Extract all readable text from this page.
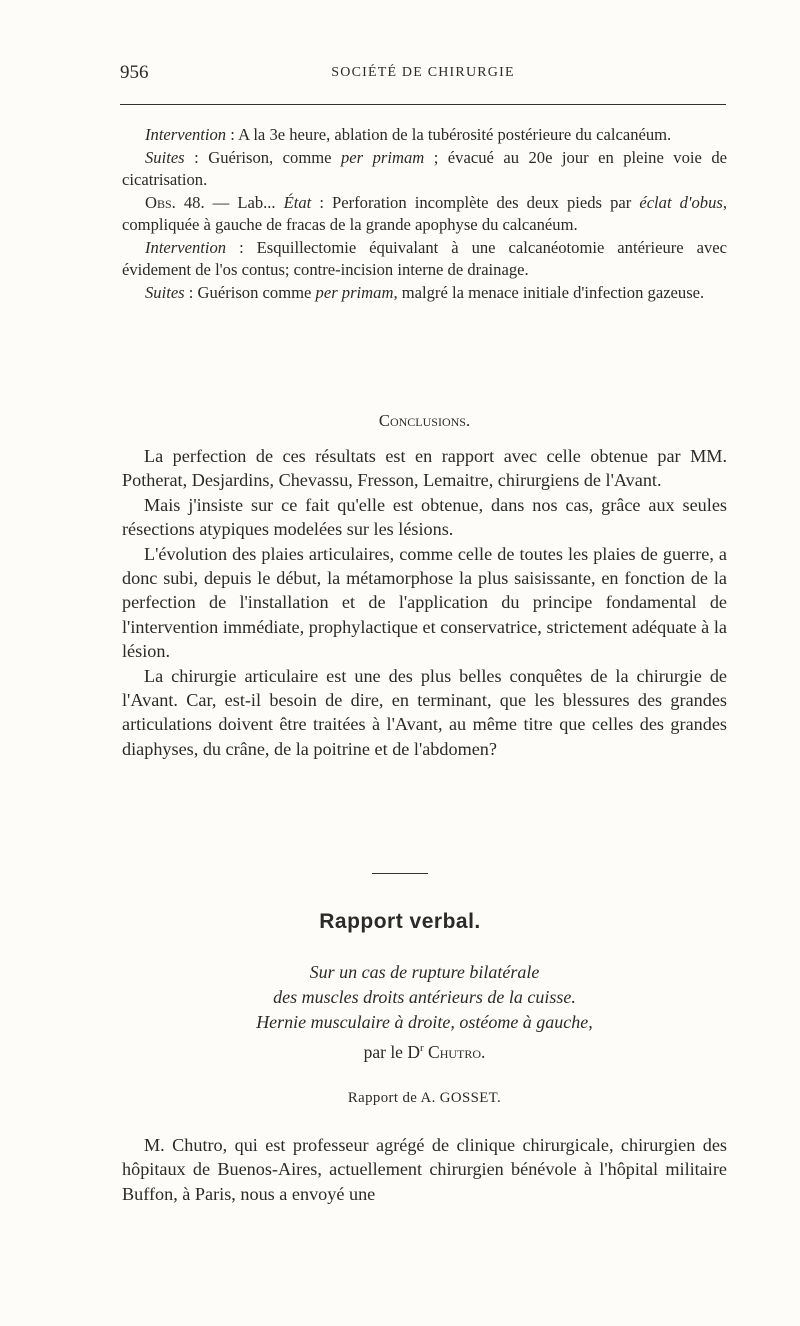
956	SOCIÉTÉ DE CHIRURGIE

Intervention : A la 3e heure, ablation de la tubérosité postérieure du calcanéum.

Suites : Guérison, comme per primam ; évacué au 20e jour en pleine voie de cicatrisation.

Obs. 48. — Lab... État : Perforation incomplète des deux pieds par éclat d'obus, compliquée à gauche de fracas de la grande apophyse du calcanéum.

Intervention : Esquillectomie équivalant à une calcanéotomie antérieure avec évidement de l'os contus; contre-incision interne de drainage.

Suites : Guérison comme per primam, malgré la menace initiale d'infection gazeuse.

Conclusions.

La perfection de ces résultats est en rapport avec celle obtenue par MM. Potherat, Desjardins, Chevassu, Fresson, Lemaitre, chirurgiens de l'Avant.

Mais j'insiste sur ce fait qu'elle est obtenue, dans nos cas, grâce aux seules résections atypiques modelées sur les lésions.

L'évolution des plaies articulaires, comme celle de toutes les plaies de guerre, a donc subi, depuis le début, la métamorphose la plus saisissante, en fonction de la perfection de l'installation et de l'application du principe fondamental de l'intervention immédiate, prophylactique et conservatrice, strictement adéquate à la lésion.

La chirurgie articulaire est une des plus belles conquêtes de la chirurgie de l'Avant. Car, est-il besoin de dire, en terminant, que les blessures des grandes articulations doivent être traitées à l'Avant, au même titre que celles des grandes diaphyses, du crâne, de la poitrine et de l'abdomen?

Rapport verbal.
Sur un cas de rupture bilatérale
des muscles droits antérieurs de la cuisse.
Hernie musculaire à droite, ostéome à gauche,
par le $D^r$ Chutro.
Rapport de A. GOSSET.

M. Chutro, qui est professeur agrégé de clinique chirurgicale, chirurgien des hôpitaux de Buenos-Aires, actuellement chirurgien bénévole à l'hôpital militaire Buffon, à Paris, nous a envoyé une
